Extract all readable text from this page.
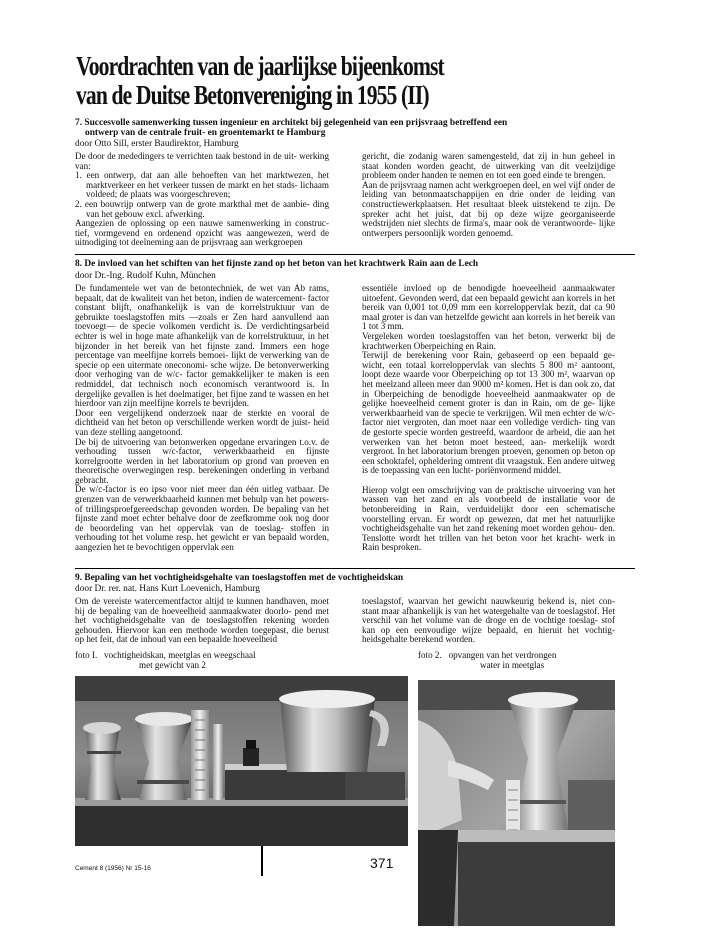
Voordrachten van de jaarlijkse bijeenkomst
van de Duitse Betonvereniging in 1955 (II)
7. Succesvolle samenwerking tussen ingenieur en architekt bij gelegenheid van een prijsvraag betreffend een
ontwerp van de centrale fruit- en groentemarkt te Hamburg
door Otto Sill, erster Baudirektor, Hamburg

De door de mededingers te verrichten taak bestond in de uit- werking van:

1. een ontwerp, dat aan alle behoeften van het marktwezen, het marktverkeer en het verkeer tussen de markt en het stads- lichaam voldeed; de plaats was voorgeschreven;

2. een bouwrijp ontwerp van de grote markthal met de aanbie- ding van het gebouw excl. afwerking.

Aangezien de oplossing op een nauwe samenwerking in construc- tief, vormgevend en ordenend opzicht was aangewezen, werd de uitnodiging tot deelneming aan de prijsvraag aan werkgroepen

gericht, die zodanig waren samengesteld, dat zij in hun geheel in staat konden worden geacht, de uitwerking van dit veelzijdige probleem onder handen te nemen en tot een goed einde te brengen.

Aan de prijsvraag namen acht werkgroepen deel, en wel vijf onder de leiding van betonmaatschappijen en drie onder de leiding van constructiewerkplaatsen. Het resultaat bleek uitstekend te zijn. De spreker acht het juist, dat bij op deze wijze georganiseerde wedstrijden niet slechts de firma's, maar ook de verantwoorde- lijke ontwerpers persoonlijk worden genoemd.

8. De invloed van het schiften van het fijnste zand op het beton van het krachtwerk Rain aan de Lech
door Dr.-Ing. Rudolf Kuhn, München

De fundamentele wet van de betontechniek, de wet van Ab rams, bepaalt, dat de kwaliteit van het beton, indien de watercement- factor constant blijft, onafhankelijk is van de korrelstruktuur van de gebruikte toeslagstoffen mits —zoals er Zen hard aanvullend aan toevoegt— de specie volkomen verdicht is. De verdichtingsarbeid echter is wel in hoge mate afhankelijk van de korrelstruktuur, in het bijzonder in het bereik van het fijnste zand. Immers een hoge percentage van meelfijne korrels bemoei- lijkt de verwerking van de specie op een uitermate oneconomi- sche wijze. De betonverwerking door verhoging van de w/c- factor gemakkelijker te maken is een redmiddel, dat technisch noch economisch verantwoord is. In dergelijke gevallen is het doelmatiger, het fijne zand te wassen en het hierdoor van zijn meelfijne korrels te bevrijden.

Door een vergelijkend onderzoek naar de sterkte en vooral de dichtheid van het beton op verschillende werken wordt de juist- heid van deze stelling aangetoond.

De bij de uitvoering van betonwerken opgedane ervaringen t.o.v. de verhouding tussen w/c-factor, verwerkbaarheid en fijnste korrelgrootte werden in het laboratorium op grond van proeven en theoretische overwegingen resp. berekeningen onderling in verband gebracht.

De w/c-factor is eo ipso voor niet meer dan één uitleg vatbaar. De grenzen van de verwerkbaarheid kunnen met behulp van het powers- of trillingsproefgereedschap gevonden worden. De bepaling van het fijnste zand moet echter behalve door de zeefkromme ook nog door de beoordeling van het oppervlak van de toeslag- stoffen in verhouding tot het volume resp. het gewicht er van bepaald worden, aangezien het te bevochtigen oppervlak een

essentiële invloed op de benodigde hoeveelheid aanmaakwater uitoefent. Gevonden werd, dat een bepaald gewicht aan korrels in het bereik van 0,001 tot 0,09 mm een korreloppervlak bezit, dat ca 90 maal groter is dan van hetzelfde gewicht aan korrels in het bereik van 1 tot 3 mm.

Vergeleken worden toeslagstoffen van het beton, verwerkt bij de krachtwerken Oberpeiching en Rain.

Terwijl de berekening voor Rain, gebaseerd op een bepaald ge- wicht, een totaal korreloppervlak van slechts 5 800 m² aantoont, loopt deze waarde voor Oberpeiching op tot 13 300 m², waarvan op het meelzand alleen meer dan 9000 m² komen. Het is dan ook zo, dat in Oberpeiching de benodigde hoeveelheid aanmaakwater op de gelijke hoeveelheid cement groter is dan in Rain, om de ge- lijke verwerkbaarheid van de specie te verkrijgen. Wil men echter de w/c-factor niet vergroten, dan moet naar een volledige verdich- ting van de gestorte specie worden gestreefd, waardoor de arbeid, die aan het verwerken van het beton moet besteed, aan- merkelijk wordt vergroot. In het laboratorium brengen proeven, genomen op beton op een schoktafel, opheldering omtrent dit vraagstuk. Een andere uitweg is de toepassing van een lucht- poriënvormend middel.

Hierop volgt een omschrijving van de praktische uitvoering van het wassen van het zand en als voorbeeld de installatie voor de betonbereiding in Rain, verduidelijkt door een schematische voorstelling ervan. Er wordt op gewezen, dat met het natuurlijke vochtigheidsgehalte van het zand rekening moet worden gehou- den. Tenslotte wordt het trillen van het beton voor het kracht- werk in Rain besproken.

9. Bepaling van het vochtigheidsgehalte van toeslagstoffen met de vochtigheidskan
door Dr. rer. nat. Hans Kurt Loevenich, Hamburg

Om de vereiste watercementfactor altijd te kunnen handhaven, moet bij de bepaling van de hoeveelheid aanmaakwater doorlo- pend met het vochtigheidsgehalte van de toeslagstoffen rekening worden gehouden. Hiervoor kan een methode worden toegepast, die berust op het feit, dat de inhoud van een bepaalde hoeveelheid

toeslagstof, waarvan het gewicht nauwkeurig bekend is, niet con- stant maar afhankelijk is van het watergehalte van de toeslagstof. Het verschil van het volume van de droge en de vochtige toeslag- stof kan op een eenvoudige wijze bepaald, en hieruit het vochtig- heidsgehalte berekend worden.

foto I.   vochtigheidskan, meetglas en weegschaal
met gewicht van 2
foto 2.   opvangen van het verdrongen
water in meetglas
Cement 8 (1956) Nr 15-16	371
